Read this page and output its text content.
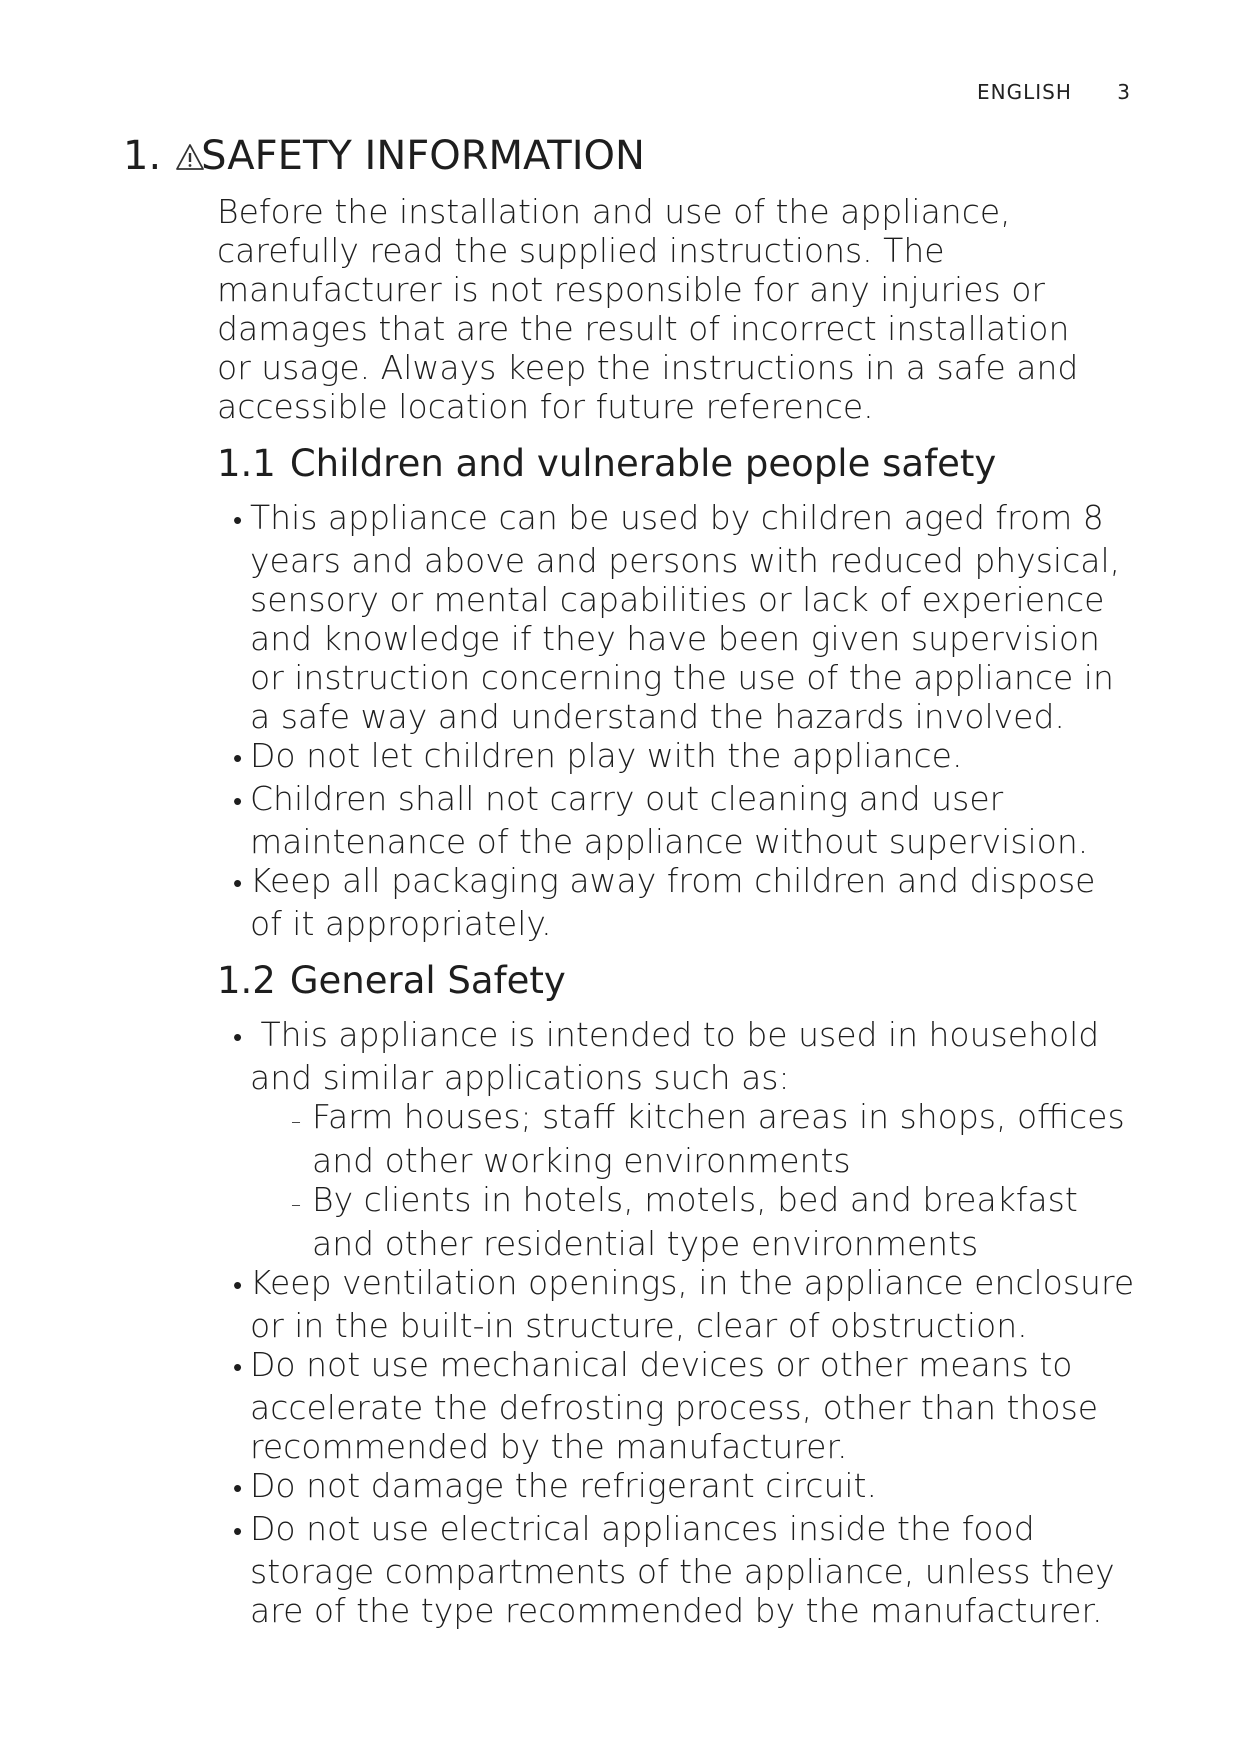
ENGLISH 3
1. SAFETY INFORMATION

Before the installation and use of the appliance, carefully read the supplied instructions. The manufacturer is not responsible for any injuries or damages that are the result of incorrect installation or usage. Always keep the instructions in a safe and accessible location for future reference.

1.1 Children and vulnerable people safety
• This appliance can be used by children aged from 8 years and above and persons with reduced physical, sensory or mental capabilities or lack of experience and knowledge if they have been given supervision or instruction concerning the use of the appliance in a safe way and understand the hazards involved.
• Do not let children play with the appliance.
• Children shall not carry out cleaning and user maintenance of the appliance without supervision.
• Keep all packaging away from children and dispose of it appropriately.
1.2 General Safety
• This appliance is intended to be used in household and similar applications such as:
– Farm houses; staff kitchen areas in shops, offices and other working environments
– By clients in hotels, motels, bed and breakfast and other residential type environments
• Keep ventilation openings, in the appliance enclosure or in the built-in structure, clear of obstruction.
• Do not use mechanical devices or other means to accelerate the defrosting process, other than those recommended by the manufacturer.
• Do not damage the refrigerant circuit.
• Do not use electrical appliances inside the food storage compartments of the appliance, unless they are of the type recommended by the manufacturer.
